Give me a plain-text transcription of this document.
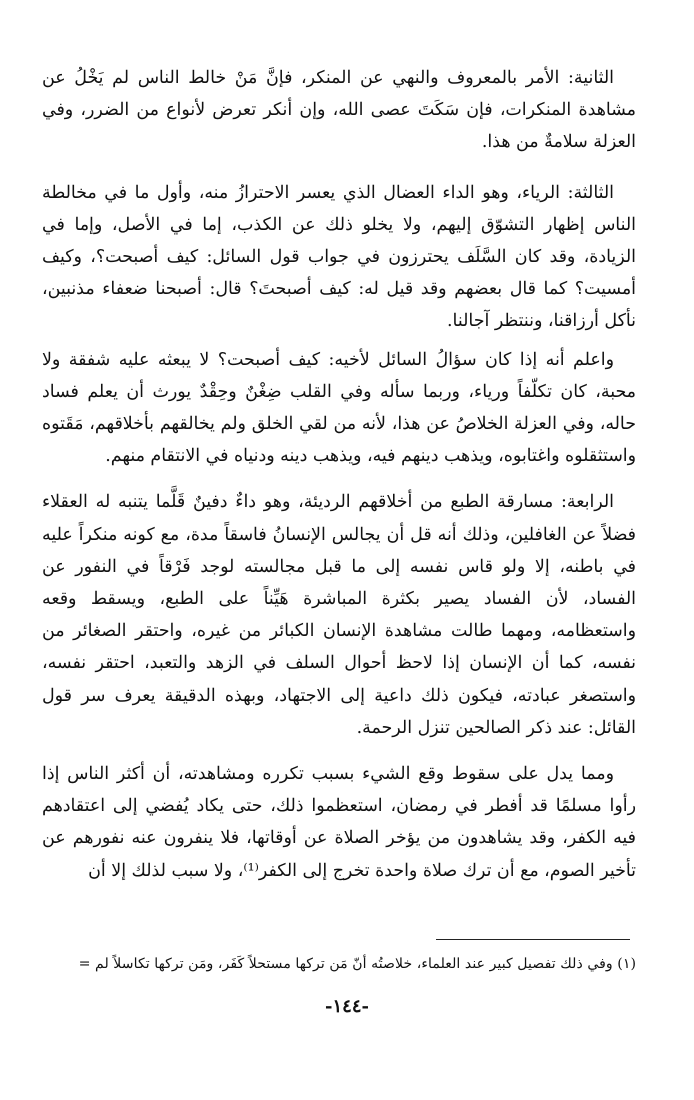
الثانية: الأمر بالمعروف والنهي عن المنكر، فإنَّ مَنْ خالط الناس لم يَخْلُ عن مشاهدة المنكرات، فإن سَكَتَ عصى الله، وإن أنكر تعرض لأنواع من الضرر، وفي العزلة سلامةٌ من هذا.

الثالثة: الرياء، وهو الداء العضال الذي يعسر الاحترازُ منه، وأول ما في مخالطة الناس إظهار التشوّق إليهم، ولا يخلو ذلك عن الكذب، إما في الأصل، وإما في الزيادة، وقد كان السَّلَف يحترزون في جواب قول السائل: كيف أصبحت؟، وكيف أمسيت؟ كما قال بعضهم وقد قيل له: كيف أصبحتَ؟ قال: أصبحنا ضعفاء مذنبين، نأكل أرزاقنا، وننتظر آجالنا.

واعلم أنه إذا كان سؤالُ السائل لأخيه: كيف أصبحت؟ لا يبعثه عليه شفقة ولا محبة، كان تكلّفاً ورياء، وربما سأله وفي القلب ضِغْنٌ وحِقْدٌ يورث أن يعلم فساد حاله، وفي العزلة الخلاصُ عن هذا، لأنه من لقي الخلق ولم يخالقهم بأخلاقهم، مَقَتوه واستثقلوه واغتابوه، ويذهب دينهم فيه، ويذهب دينه ودنياه في الانتقام منهم.

الرابعة: مسارقة الطبع من أخلاقهم الرديئة، وهو داءٌ دفينٌ قَلَّما يتنبه له العقلاء فضلاً عن الغافلين، وذلك أنه قل أن يجالس الإنسانُ فاسقاً مدة، مع كونه منكراً عليه في باطنه، إلا ولو قاس نفسه إلى ما قبل مجالسته لوجد فَرْقاً في النفور عن الفساد، لأن الفساد يصير بكثرة المباشرة هَيِّناً على الطبع، ويسقط وقعه واستعظامه، ومهما طالت مشاهدة الإنسان الكبائر من غيره، واحتقر الصغائر من نفسه، كما أن الإنسان إذا لاحظ أحوال السلف في الزهد والتعبد، احتقر نفسه، واستصغر عبادته، فيكون ذلك داعية إلى الاجتهاد، وبهذه الدقيقة يعرف سر قول القائل: عند ذكر الصالحين تنزل الرحمة.

ومما يدل على سقوط وقع الشيء بسبب تكرره ومشاهدته، أن أكثر الناس إذا رأوا مسلمًا قد أفطر في رمضان، استعظموا ذلك، حتى يكاد يُفضي إلى اعتقادهم فيه الكفر، وقد يشاهدون من يؤخر الصلاة عن أوقاتها، فلا ينفرون عنه نفورهم عن تأخير الصوم، مع أن ترك صلاة واحدة تخرج إلى الكفر⁽¹⁾، ولا سبب لذلك إلا أن

(١) وفي ذلك تفصيل كبير عند العلماء، خلاصتُه أنّ مَن تركها مستحلاً كَفَر، ومَن تركها تكاسلاً لم =
-١٤٤-
